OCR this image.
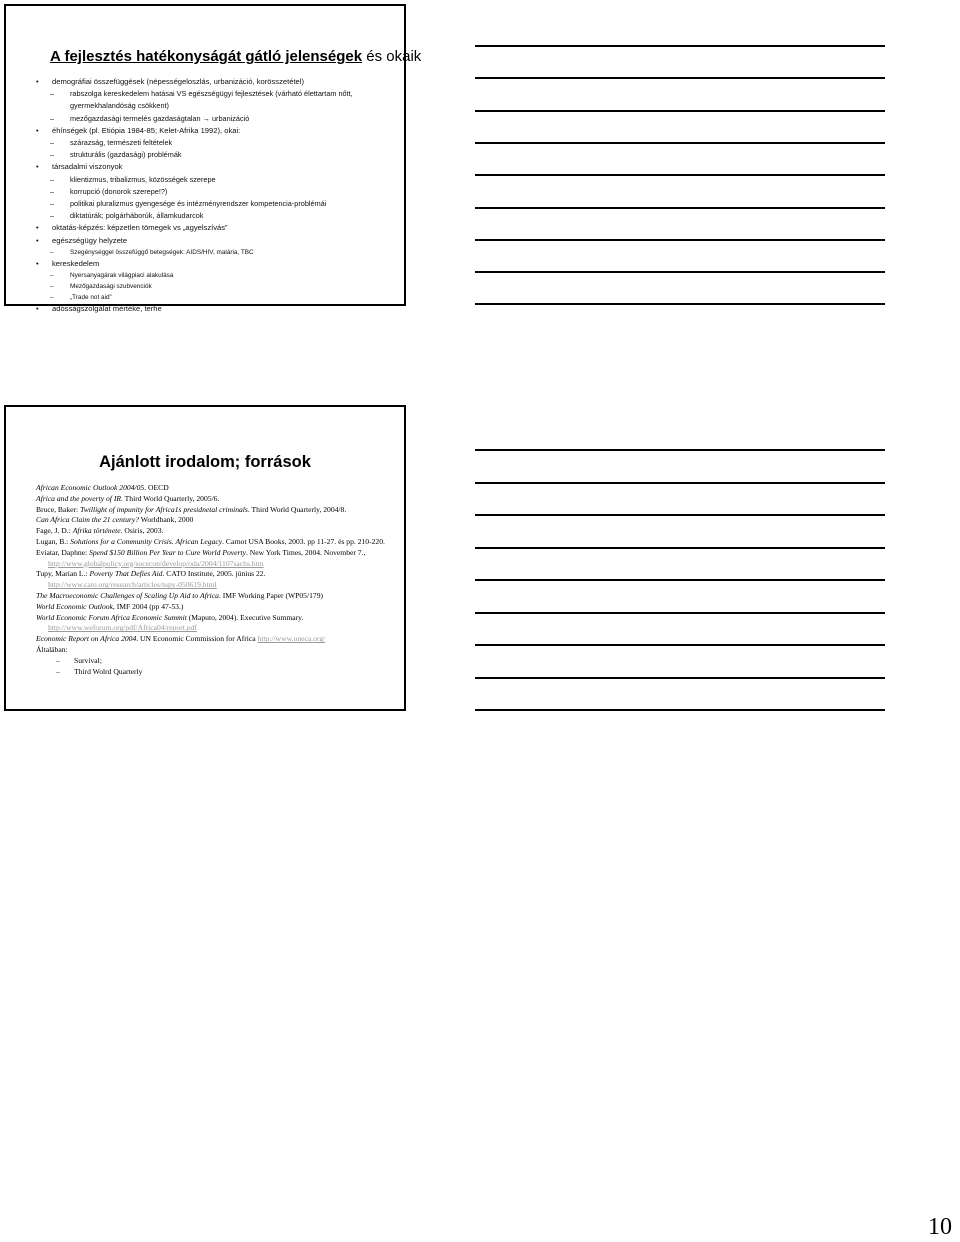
A fejlesztés hatékonyságát gátló jelenségek és okaik
• demográfiai összefüggések (népességeloszlás, urbanizáció, korösszetétel)
– rabszolga kereskedelem hatásai VS egészségügyi fejlesztések (várható élettartam nőtt, gyermekhalandóság csökkent)
– mezőgazdasági termelés gazdaságtalan → urbanizáció
• éhínségek (pl. Etiópia 1984-85; Kelet-Afrika 1992), okai:
– szárazság, természeti feltételek
– strukturális (gazdasági) problémák
• társadalmi viszonyok
– klientizmus, tribalizmus, közösségek szerepe
– korrupció (donorok szerepe!?)
– politikai pluralizmus gyengesége és intézményrendszer kompetencia-problémái
– diktatúrák; polgárháborúk, államkudarcok
• oktatás-képzés: képzetlen tömegek vs „agyelszívás”
• egészségügy helyzete
– Szegénységgel összefüggő betegségek: AIDS/HIV, malária, TBC
• kereskedelem
– Nyersanyagárak világpiaci alakulása
– Mezőgazdasági szubvenciók
– „Trade not aid”
• adósságszolgálat mértéke, terhe
Ajánlott irodalom; források
African Economic Outlook 2004/05. OECD
Africa and the poverty of IR. Third World Quarterly, 2005/6.
Bruce, Baker: Twillight of impunity for Africa1s presidnetal criminals. Third World Quarterly, 2004/8.
Can Africa Claim the 21 century? Worldbank, 2000
Fage, J. D.: Afrika története. Osiris, 2003.
Lugan, B.: Solutions for a Community Crisis. African Legacy. Carnot USA Books, 2003. pp 11-27. és pp. 210-220.
Eviatar, Daphne: Spend $150 Billion Per Year to Cure World Poverty. New York Times, 2004. November 7., http://www.globalpolicy.org/socecon/develop/oda/2004/1107sachs.htm
Tupy, Marian L.: Poverty That Defies Aid. CATO Institute, 2005. június 22. http://www.cato.org/research/articles/tupy-050619.html
The Macroeconomic Challenges of Scaling Up Aid to Africa. IMF Working Paper (WP05/179)
World Economic Outlook, IMF 2004 (pp 47-53.)
World Economic Forum Africa Economic Summit (Maputo, 2004). Executive Summary. http://www.weforum.org/pdf/Africa04/report.pdf
Economic Report on Africa 2004. UN Economic Commission for Africa http://www.uneca.org/
Általában:
– Survival;
– Third Wolrd Quarterly
10
